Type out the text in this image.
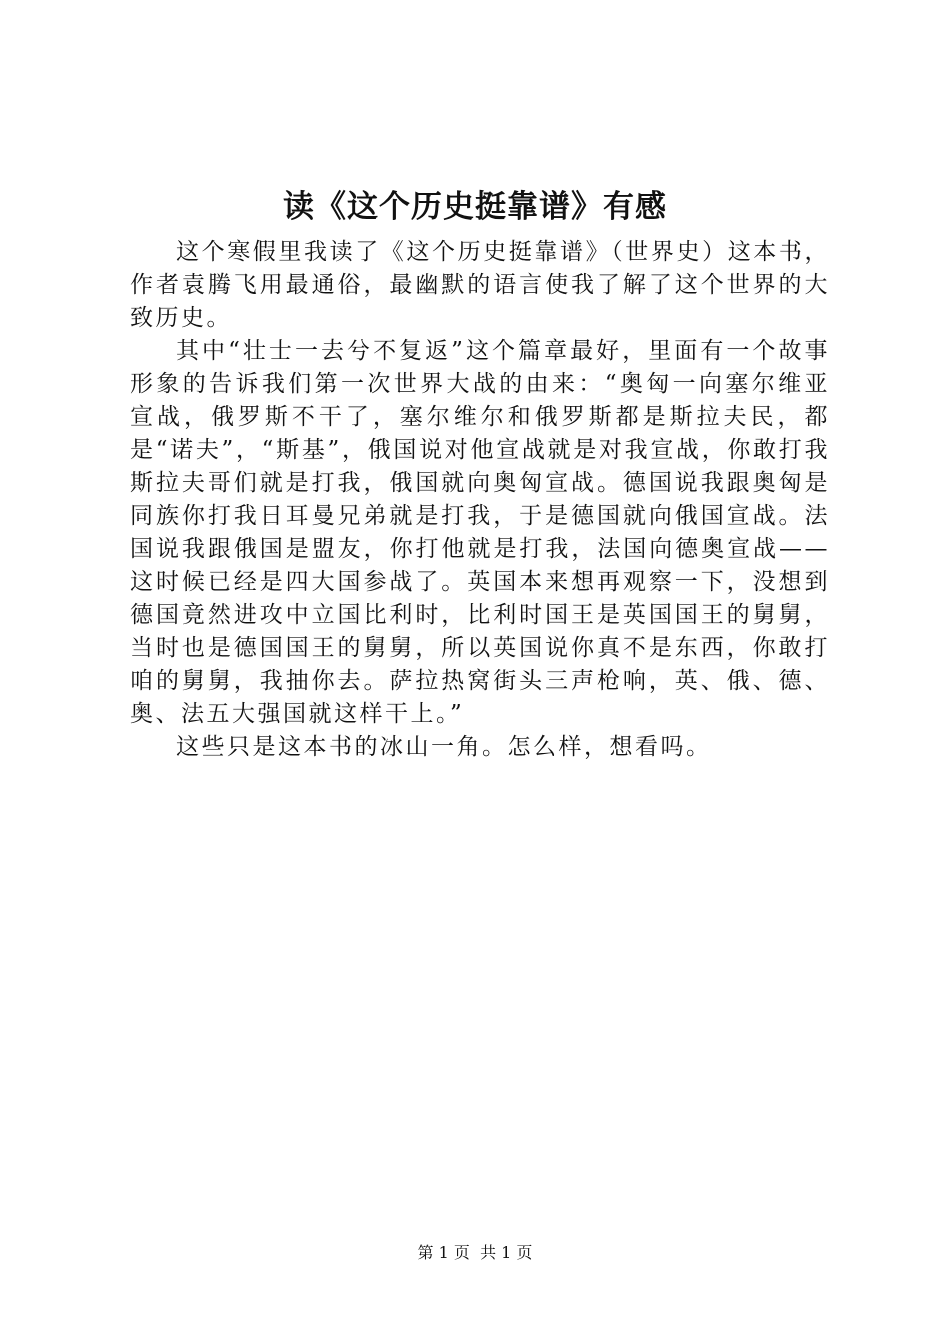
读《这个历史挺靠谱》有感

这个寒假里我读了《这个历史挺靠谱》（世界史）这本书，作者袁腾飞用最通俗，最幽默的语言使我了解了这个世界的大致历史。

其中“壮士一去兮不复返”这个篇章最好，里面有一个故事形象的告诉我们第一次世界大战的由来：“奥匈一向塞尔维亚宣战，俄罗斯不干了，塞尔维尔和俄罗斯都是斯拉夫民，都是“诺夫”，“斯基”，俄国说对他宣战就是对我宣战，你敢打我斯拉夫哥们就是打我，俄国就向奥匈宣战。德国说我跟奥匈是同族你打我日耳曼兄弟就是打我，于是德国就向俄国宣战。法国说我跟俄国是盟友，你打他就是打我，法国向德奥宣战——这时候已经是四大国参战了。英国本来想再观察一下，没想到德国竟然进攻中立国比利时，比利时国王是英国国王的舅舅，当时也是德国国王的舅舅，所以英国说你真不是东西，你敢打咱的舅舅，我抽你去。萨拉热窝街头三声枪响，英、俄、德、奥、法五大强国就这样干上。”

这些只是这本书的冰山一角。怎么样，想看吗。

第 1 页  共 1 页
